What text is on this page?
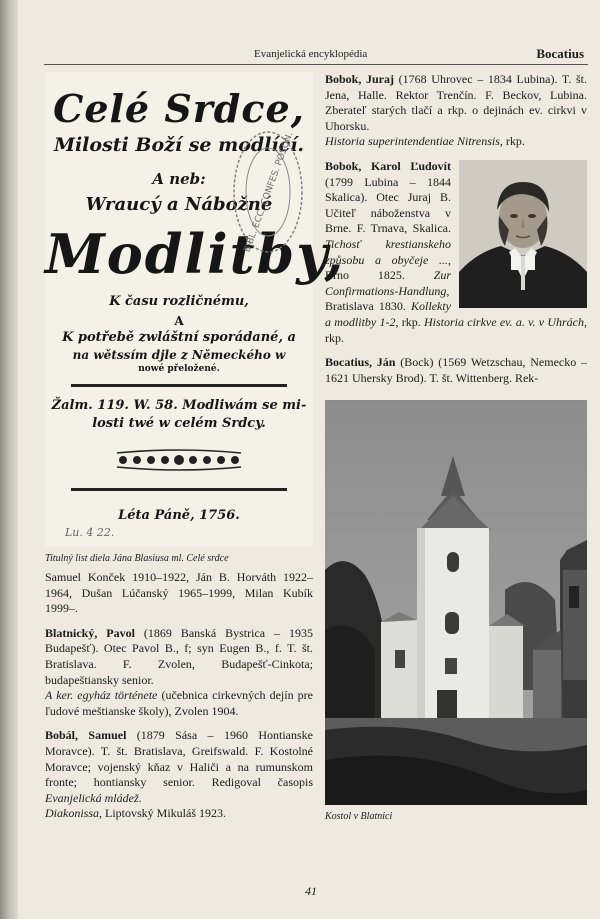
Evanjelická encyklopédia	Bocatius
Celé Srdce,
Milosti Boží se modlící.
A neb:
Wraucý a Nábožné
Modlitby,
K času rozličnému,
A
K potřebě zwláštní sporádané, a
na wětssím djle z Německého w
nowé přeložené.
Žalm. 119. W. 58. Modliwám se mi-
losti twé w celém Srdcy.
Léta Páně, 1756.
Lu. 4 22.
BIBL. ECC. CONFES. POSON.
Titulný list diela Jána Blasiusa ml. Celé srdce

Samuel Konček 1910–1922, Ján B. Horváth 1922–1964, Dušan Lúčanský 1965–1999, Milan Kubík 1999–.

Blatnický, Pavol (1869 Banská Bystrica – 1935 Budapešť). Otec Pavol B., f; syn Eugen B., f. T. št. Bratislava. F. Zvolen, Budapešť-Cinkota; budapeštiansky senior.
A ker. egyház története (učebnica cirkevných dejín pre ľudové meštianske školy), Zvolen 1904.

Bobál, Samuel (1879 Sása – 1960 Hontianske Moravce). T. št. Bratislava, Greifswald. F. Kostolné Moravce; vojenský kňaz v Haliči a na rumunskom fronte; hontiansky senior. Redigoval časopis Evanjelická mládež.
Diakonissa, Liptovský Mikuláš 1923.

Bobok, Juraj (1768 Uhrovec – 1834 Lubina). T. št. Jena, Halle. Rektor Trenčín. F. Beckov, Lubina. Zberateľ starých tlačí a rkp. o dejinách ev. cirkvi v Uhorsku.
Historia superintendentiae Nitrensis, rkp.

Bobok, Karol Ľudovít (1799 Lubina – 1844 Skalica). Otec Juraj B. Učiteľ náboženstva v Brne. F. Trnava, Skalica. Tichosť krestianskeho způsobu a obyčeje ..., Brno 1825. Zur Confirmations-Handlung, Bratislava 1830. Kollekty a modlitby 1-2, rkp. Historia cirkve ev. a. v. v Uhrách, rkp.

Bocatius, Ján (Bock) (1569 Wetzschau, Nemecko – 1621 Uhersky Brod). T. št. Wittenberg. Rek-

Kostol v Blatnici
41
